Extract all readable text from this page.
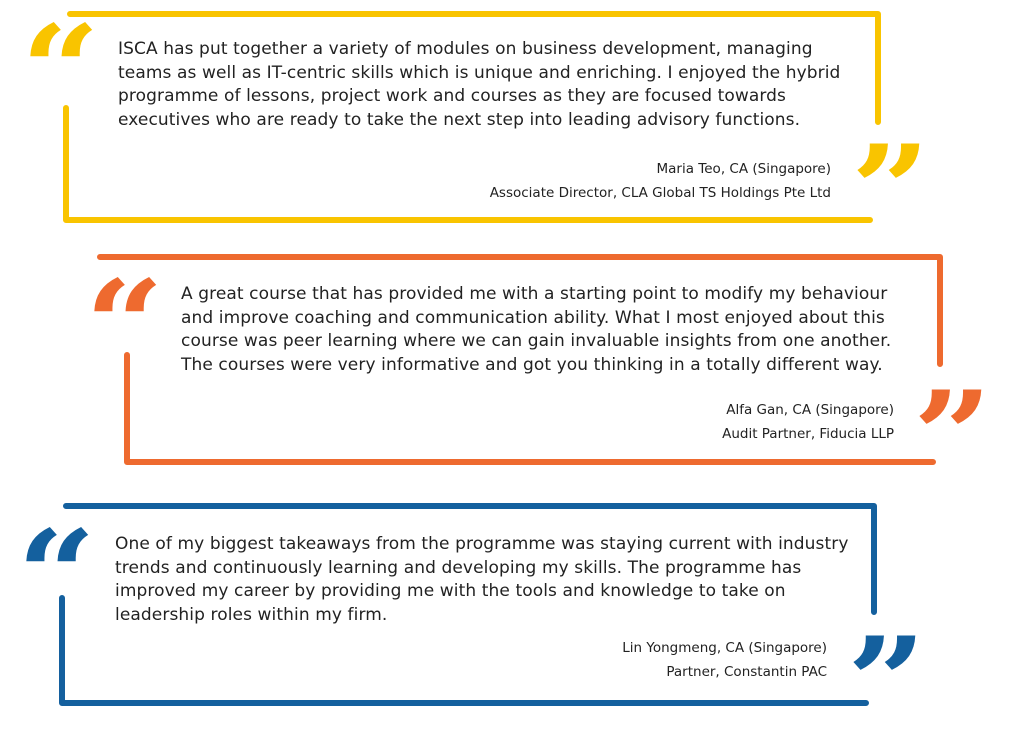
“
”

ISCA has put together a variety of modules on business development, managing teams as well as IT-centric skills which is unique and enriching. I enjoyed the hybrid programme of lessons, project work and courses as they are focused towards executives who are ready to take the next step into leading advisory functions.

Maria Teo, CA (Singapore)
Associate Director, CLA Global TS Holdings Pte Ltd
“
”

A great course that has provided me with a starting point to modify my behaviour and improve coaching and communication ability. What I most enjoyed about this course was peer learning where we can gain invaluable insights from one another. The courses were very informative and got you thinking in a totally different way.

Alfa Gan, CA (Singapore)
Audit Partner, Fiducia LLP
“
”

One of my biggest takeaways from the programme was staying current with industry trends and continuously learning and developing my skills. The programme has improved my career by providing me with the tools and knowledge to take on leadership roles within my firm.

Lin Yongmeng, CA (Singapore)
Partner, Constantin PAC
